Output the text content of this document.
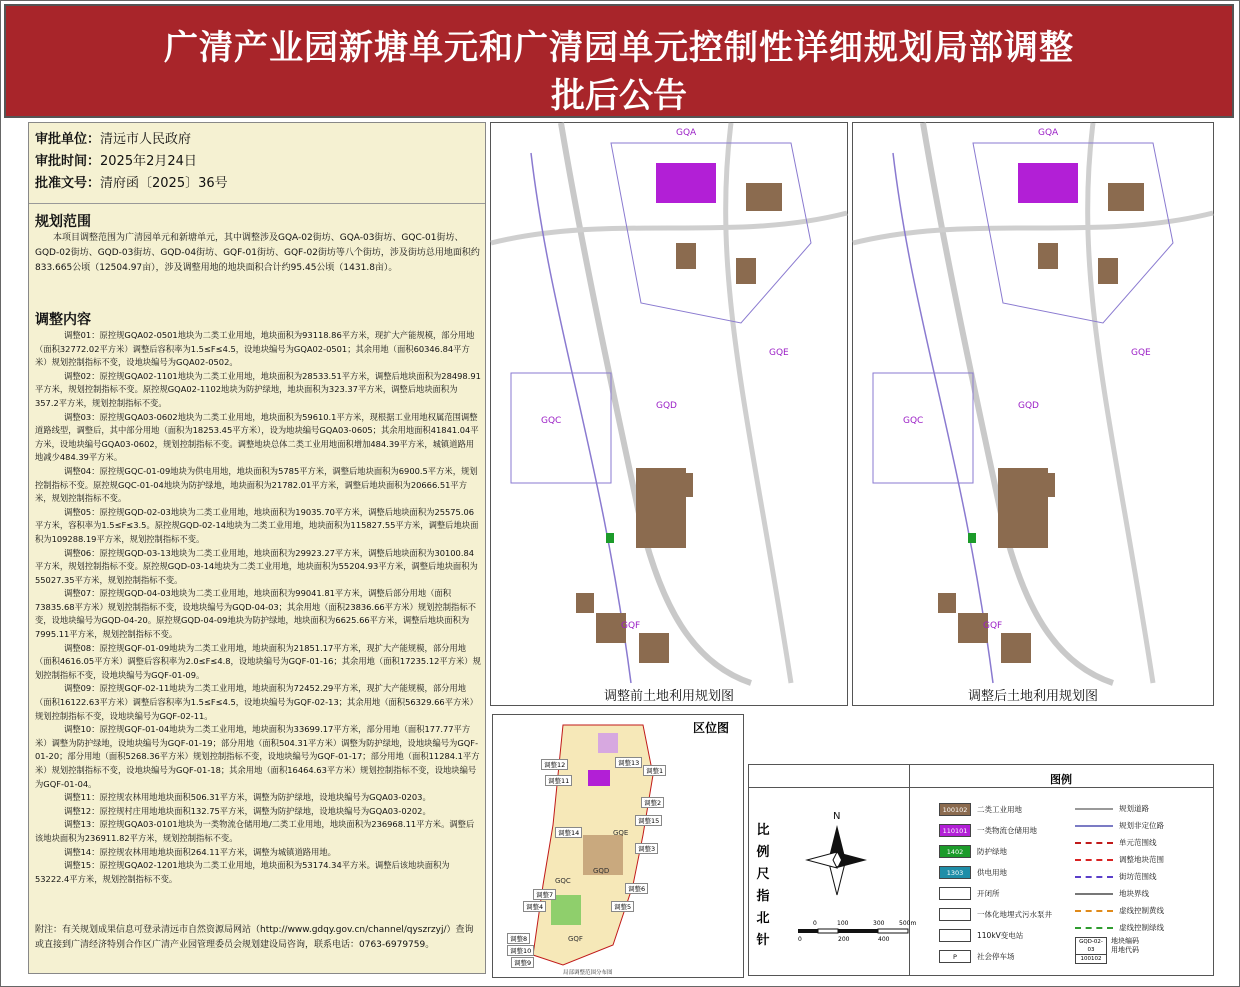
广清产业园新塘单元和广清园单元控制性详细规划局部调整
批后公告
审批单位：清远市人民政府
审批时间：2025年2月24日
批准文号：清府函〔2025〕36号
规划范围
本项目调整范围为广清园单元和新塘单元，其中调整涉及GQA-02街坊、GQA-03街坊、GQC-01街坊、GQD-02街坊、GQD-03街坊、GQD-04街坊、GQF-01街坊、GQF-02街坊等八个街坊，涉及街坊总用地面积约833.665公顷（12504.97亩），涉及调整用地的地块面积合计约95.45公顷（1431.8亩）。
调整内容

调整01：原控规GQA02-0501地块为二类工业用地，地块面积为93118.86平方米，现扩大产能规模，部分用地（面积32772.02平方米）调整后容积率为1.5≤F≤4.5，设地块编号为GQA02-0501；其余用地（面积60346.84平方米）规划控制指标不变，设地块编号为GQA02-0502。

调整02：原控规GQA02-1101地块为二类工业用地，地块面积为28533.51平方米，调整后地块面积为28498.91平方米，规划控制指标不变。原控规GQA02-1102地块为防护绿地，地块面积为323.37平方米，调整后地块面积为357.2平方米，规划控制指标不变。

调整03：原控规GQA03-0602地块为二类工业用地，地块面积为59610.1平方米，现根据工业用地权属范围调整道路线型，调整后，其中部分用地（面积为18253.45平方米），设为地块编号GQA03-0605；其余用地面积41841.04平方米，设地块编号GQA03-0602，规划控制指标不变。调整地块总体二类工业用地面积增加484.39平方米，城镇道路用地减少484.39平方米。

调整04：原控规GQC-01-09地块为供电用地，地块面积为5785平方米，调整后地块面积为6900.5平方米，规划控制指标不变。原控规GQC-01-04地块为防护绿地，地块面积为21782.01平方米，调整后地块面积为20666.51平方米，规划控制指标不变。

调整05：原控规GQD-02-03地块为二类工业用地，地块面积为19035.70平方米，调整后地块面积为25575.06平方米，容积率为1.5≤F≤3.5。原控规GQD-02-14地块为二类工业用地，地块面积为115827.55平方米，调整后地块面积为109288.19平方米，规划控制指标不变。

调整06：原控规GQD-03-13地块为二类工业用地，地块面积为29923.27平方米，调整后地块面积为30100.84平方米，规划控制指标不变。原控规GQD-03-14地块为二类工业用地，地块面积为55204.93平方米，调整后地块面积为55027.35平方米，规划控制指标不变。

调整07：原控规GQD-04-03地块为二类工业用地，地块面积为99041.81平方米，调整后部分用地（面积73835.68平方米）规划控制指标不变，设地块编号为GQD-04-03；其余用地（面积23836.66平方米）规划控制指标不变，设地块编号为GQD-04-20。原控规GQD-04-09地块为防护绿地，地块面积为6625.66平方米，调整后地块面积为7995.11平方米，规划控制指标不变。

调整08：原控规GQF-01-09地块为二类工业用地，地块面积为21851.17平方米，现扩大产能规模，部分用地（面积4616.05平方米）调整后容积率为2.0≤F≤4.8，设地块编号为GQF-01-16；其余用地（面积17235.12平方米）规划控制指标不变，设地块编号为GQF-01-09。

调整09：原控规GQF-02-11地块为二类工业用地，地块面积为72452.29平方米，现扩大产能规模，部分用地（面积16122.63平方米）调整后容积率为1.5≤F≤4.5，设地块编号为GQF-02-13；其余用地（面积56329.66平方米）规划控制指标不变，设地块编号为GQF-02-11。

调整10：原控规GQF-01-04地块为二类工业用地，地块面积为33699.17平方米，部分用地（面积177.77平方米）调整为防护绿地，设地块编号为GQF-01-19；部分用地（面积504.31平方米）调整为防护绿地，设地块编号为GQF-01-20；部分用地（面积5268.36平方米）规划控制指标不变，设地块编号为GQF-01-17；部分用地（面积11284.1平方米）规划控制指标不变，设地块编号为GQF-01-18；其余用地（面积16464.63平方米）规划控制指标不变，设地块编号为GQF-01-04。

调整11：原控规农林用地地块面积506.31平方米，调整为防护绿地，设地块编号为GQA03-0203。

调整12：原控规村庄用地地块面积132.75平方米，调整为防护绿地，设地块编号为GQA03-0202。

调整13：原控规GQA03-0101地块为一类物流仓储用地/二类工业用地，地块面积为236968.11平方米。调整后该地块面积为236911.82平方米，规划控制指标不变。

调整14：原控规农林用地地块面积264.11平方米，调整为城镇道路用地。

调整15：原控规GQA02-1201地块为二类工业用地，地块面积为53174.34平方米。调整后该地块面积为53222.4平方米，规划控制指标不变。

附注：有关规划成果信息可登录清远市自然资源局网站（http://www.gdqy.gov.cn/channel/qyszrzyj/）查询或直接到广清经济特别合作区广清产业园管理委员会规划建设局咨询，联系电话：0763-6979759。
GQA
GQE
GQD
GQC
GQF
调整前土地利用规划图
GQA
GQE
GQD
GQC
GQF
调整后土地利用规划图
区位图
GQC
GQD
GQE
GQF
调整12	调整13
调整1
调整11
调整2
调整15
调整14
调整3
调整6
调整7
调整4	调整5
调整8
调整9
调整10
局部调整范围分布图
图例
N
0	100	300 500m
0	200	400
100102	二类工业用地
110101	一类物流仓储用地
1402	防护绿地
1303	供电用地
开闭所
一体化地埋式污水泵井
110kV变电站
P	社会停车场
规划道路
规划非定位路
单元范围线
调整地块范围
街坊范围线
地块界线
虚线控制黄线
虚线控制绿线
GQD-02-03
100102
地块编码
用地代码
比例尺指北针
